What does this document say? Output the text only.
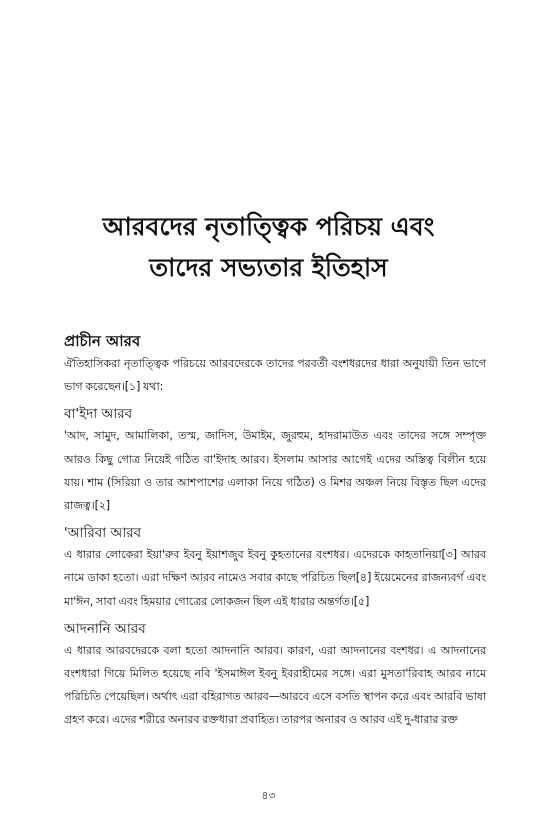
আরবদের নৃতাত্ত্বিক পরিচয় এবং
তাদের সভ্যতার ইতিহাস
প্রাচীন আরব

ঐতিহাসিকরা নৃতাত্ত্বিক পরিচয়ে আরবদেরকে তাদের পরবর্তী বংশধরদের ধারা অনুযায়ী তিন ভাগে ভাগ করেছেন।[১] যথা:

বা'ইদা আরব

'আদ, সামুদ, আমালিকা, তস্ম, জাদিস, উমাইম, জুরহুম, হাদরামাউত এবং তাদের সঙ্গে সম্পৃক্ত আরও কিছু গোত্র নিয়েই গঠিত বা'ইদাহ আরব। ইসলাম আসার আগেই এদের অস্তিত্ব বিলীন হয়ে যায়। শাম (সিরিয়া ও তার আশপাশের এলাকা নিয়ে গঠিত) ও মিশর অঞ্চল নিয়ে বিস্তৃত ছিল এদের রাজত্ব।[২]

'আরিবা আরব

এ ধারার লোকেরা ইয়া'রুব ইবনু ইয়াশজুব ইবনু কুহতানের বংশধর। এদেরকে কাহতানিয়া[৩] আরব নামে ডাকা হতো। এরা দক্ষিণ আরব নামেও সবার কাছে পরিচিত ছিল[৪] ইয়েমেনের রাজন্যবর্গ এবং মা'ঈন, সাবা এবং হিময়ার গোত্রের লোকজন ছিল এই ধারার অন্তর্গত।[৫]

আদনানি আরব

এ ধারার আরবদেরকে বলা হতো আদনানি আরব। কারণ, এরা আদনানের বংশধর। এ আদনানের বংশধারা গিয়ে মিলিত হয়েছে নবি 'ইসমাঈল ইবনু ইবরাহীমের সঙ্গে। এরা মুসতা'রিবাহ আরব নামে পরিচিতি পেয়েছিল। অর্থাৎ এরা বহিরাগত আরব—আরবে এসে বসতি স্থাপন করে এবং আরবি ভাষা গ্রহণ করে। এদের শরীরে অনারব রক্তধারা প্রবাহিত। তারপর অনারব ও আরব এই দু-ধারার রক্ত

৪৩
